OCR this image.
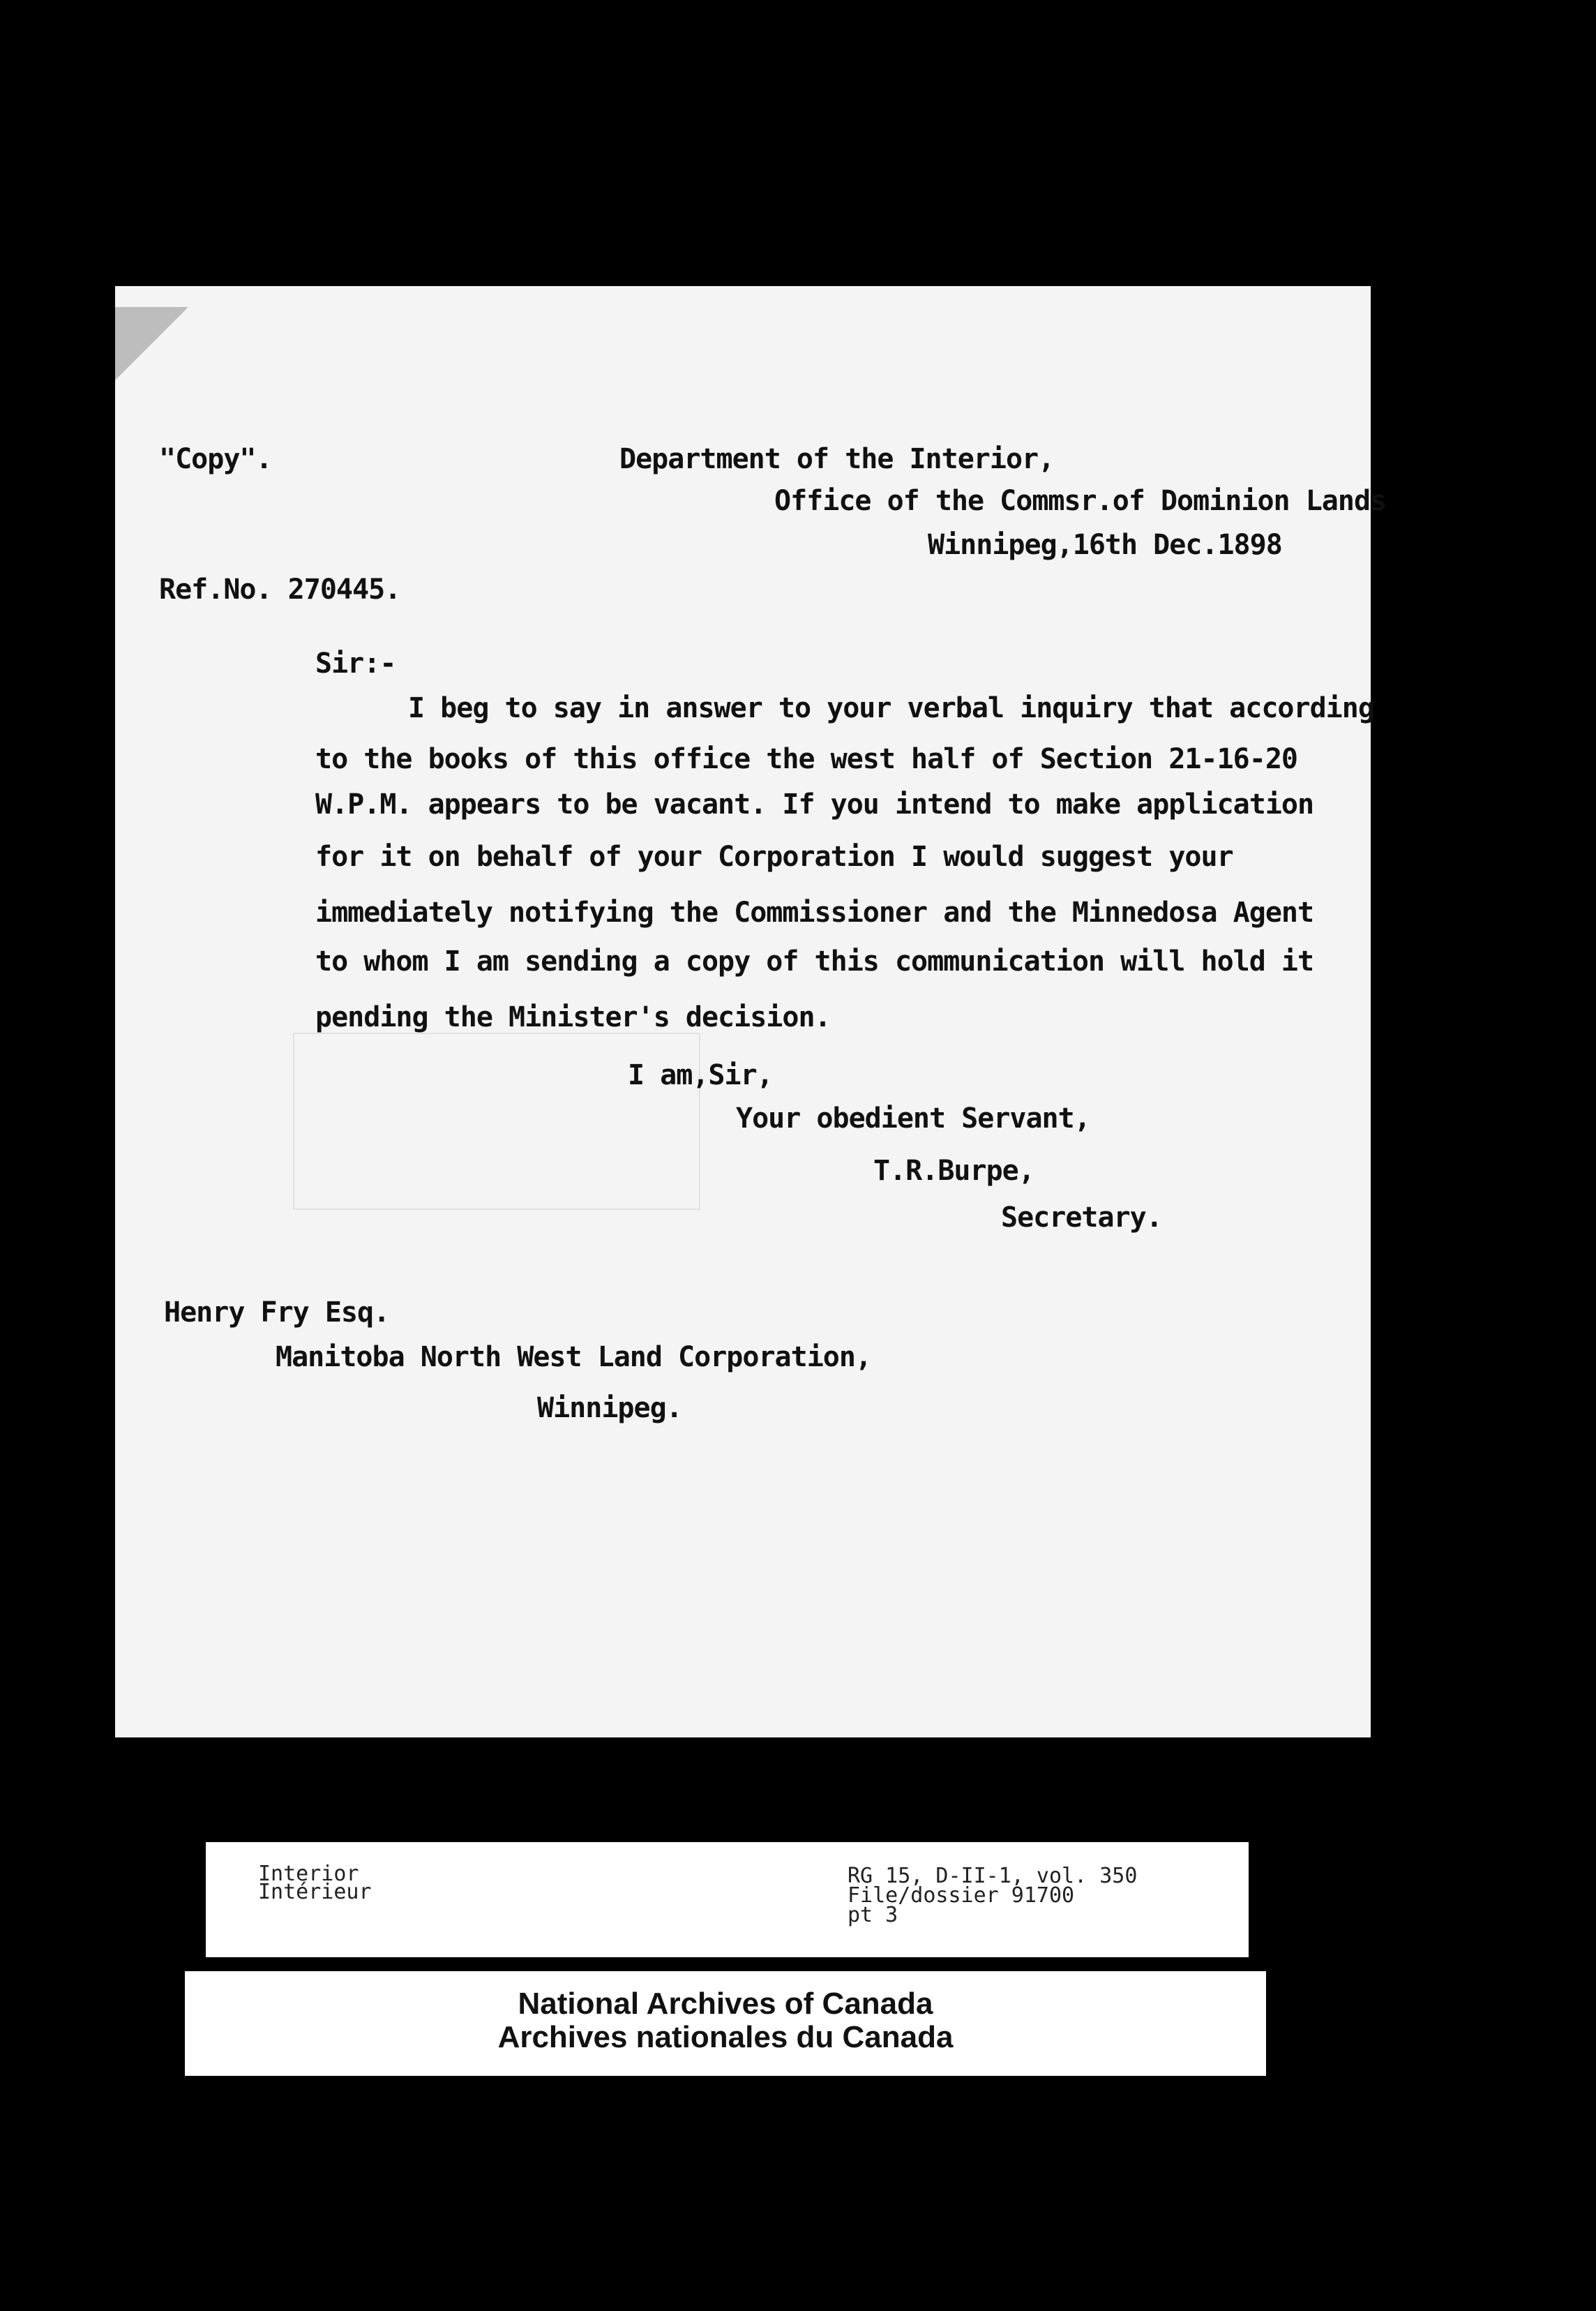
"Copy".	Department of the Interior,
Office of the Commsr.of Dominion Lands
Winnipeg,16th Dec.1898
Ref.No. 270445.
Sir:-
I beg to say in answer to your verbal inquiry that according
to the books of this office the west half of Section 21-16-20
W.P.M. appears to be vacant. If you intend to make application
for it on behalf of your Corporation I would suggest your
immediately notifying the Commissioner and the Minnedosa Agent
to whom I am sending a copy of this communication will hold it
pending the Minister's decision.
I am,Sir,
Your obedient Servant,
T.R.Burpe,
Secretary.
Henry Fry Esq.
Manitoba North West Land Corporation,
Winnipeg.
Interior
Intérieur
RG 15, D-II-1, vol. 350
File/dossier 91700
pt 3
National Archives of Canada
Archives nationales du Canada
